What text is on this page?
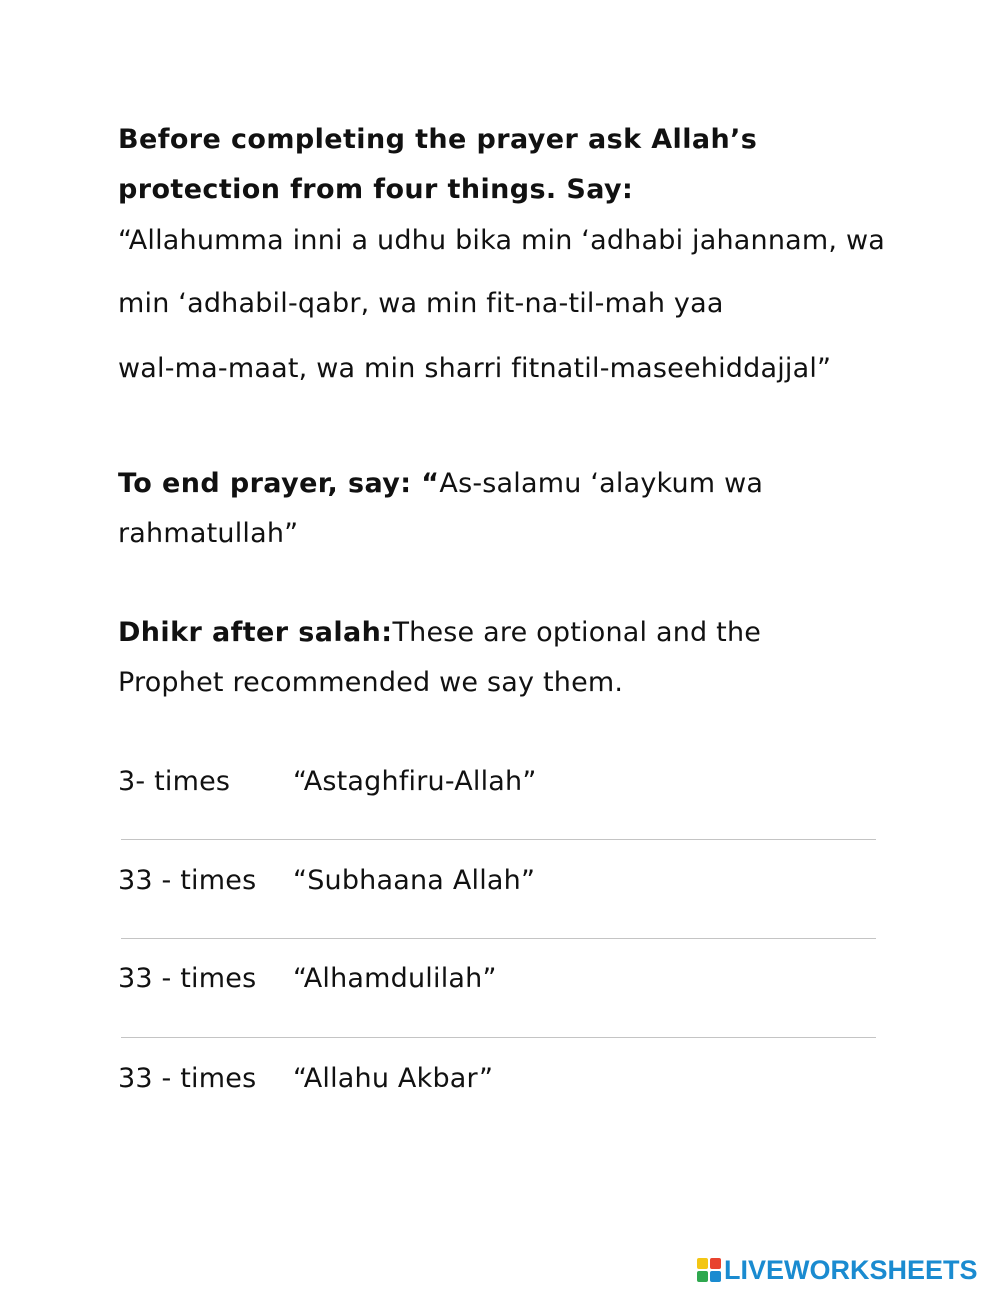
Before completing the prayer ask Allah’s
protection from four things. Say:
“Allahumma inni a udhu bika min ‘adhabi jahannam, wa
min ‘adhabil-qabr, wa min fit-na-til-mah yaa
wal-ma-maat, wa min sharri fitnatil-maseehiddajjal”
To end prayer, say: “As-salamu ‘alaykum wa
rahmatullah”
Dhikr after salah:These are optional and the
Prophet recommended we say them.
3- times “Astaghfiru-Allah”
33 - times “Subhaana Allah”
33 - times “Alhamdulilah”
33 - times “Allahu Akbar”
LIVEWORKSHEETS
